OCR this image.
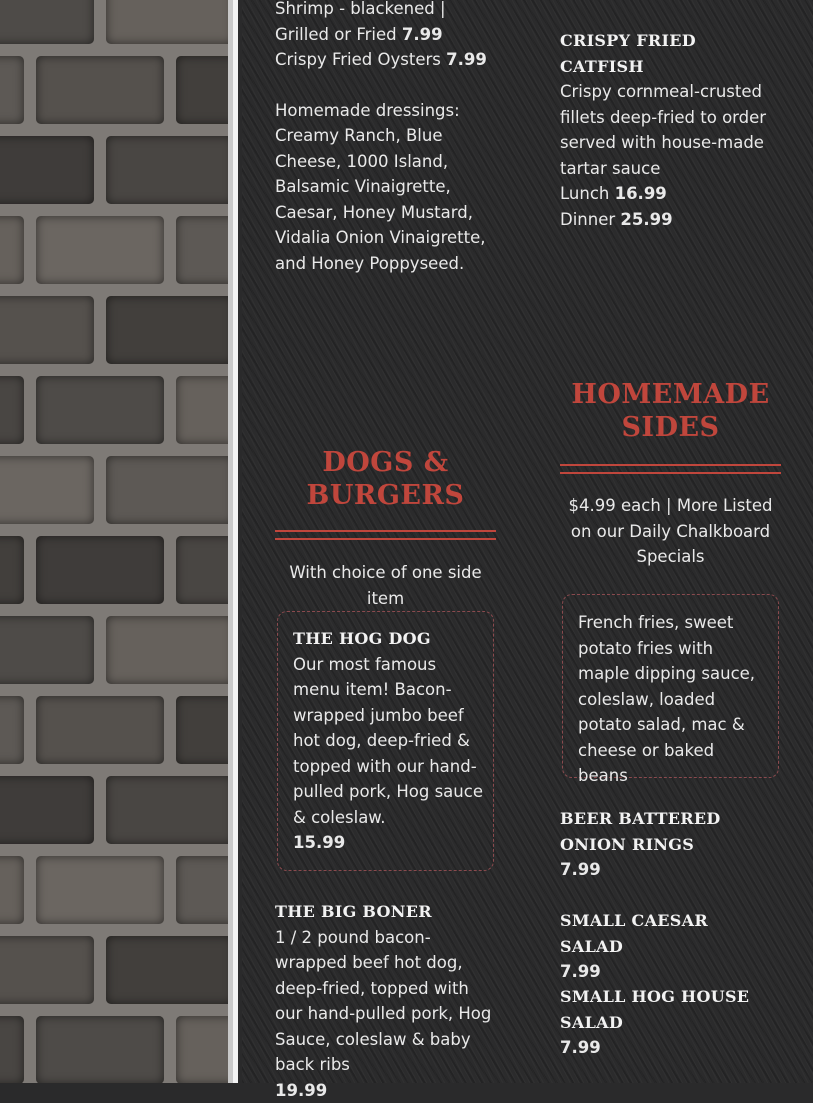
Shrimp - blackened | Grilled or Fried 7.99

Crispy Fried Oysters 7.99

Homemade dressings: Creamy Ranch, Blue Cheese, 1000 Island, Balsamic Vinaigrette, Caesar, Honey Mustard, Vidalia Onion Vinaigrette, and Honey Poppyseed.

CRISPY FRIED CATFISH

Crispy cornmeal-crusted fillets deep-fried to order served with house-made tartar sauce

Lunch 16.99

Dinner 25.99

DOGS &
BURGERS

With choice of one side item

THE HOG DOG

Our most famous menu item! Bacon-wrapped jumbo beef hot dog, deep-fried & topped with our hand-pulled pork, Hog sauce & coleslaw.

15.99

THE BIG BONER

1 / 2 pound bacon-wrapped beef hot dog, deep-fried, topped with our hand-pulled pork, Hog Sauce, coleslaw & baby back ribs

19.99

HOMEMADE
SIDES

$4.99 each | More Listed on our Daily Chalkboard Specials

French fries, sweet potato fries with maple dipping sauce, coleslaw, loaded potato salad, mac & cheese or baked beans

BEER BATTERED ONION RINGS

7.99

SMALL CAESAR SALAD

7.99

SMALL HOG HOUSE SALAD

7.99
